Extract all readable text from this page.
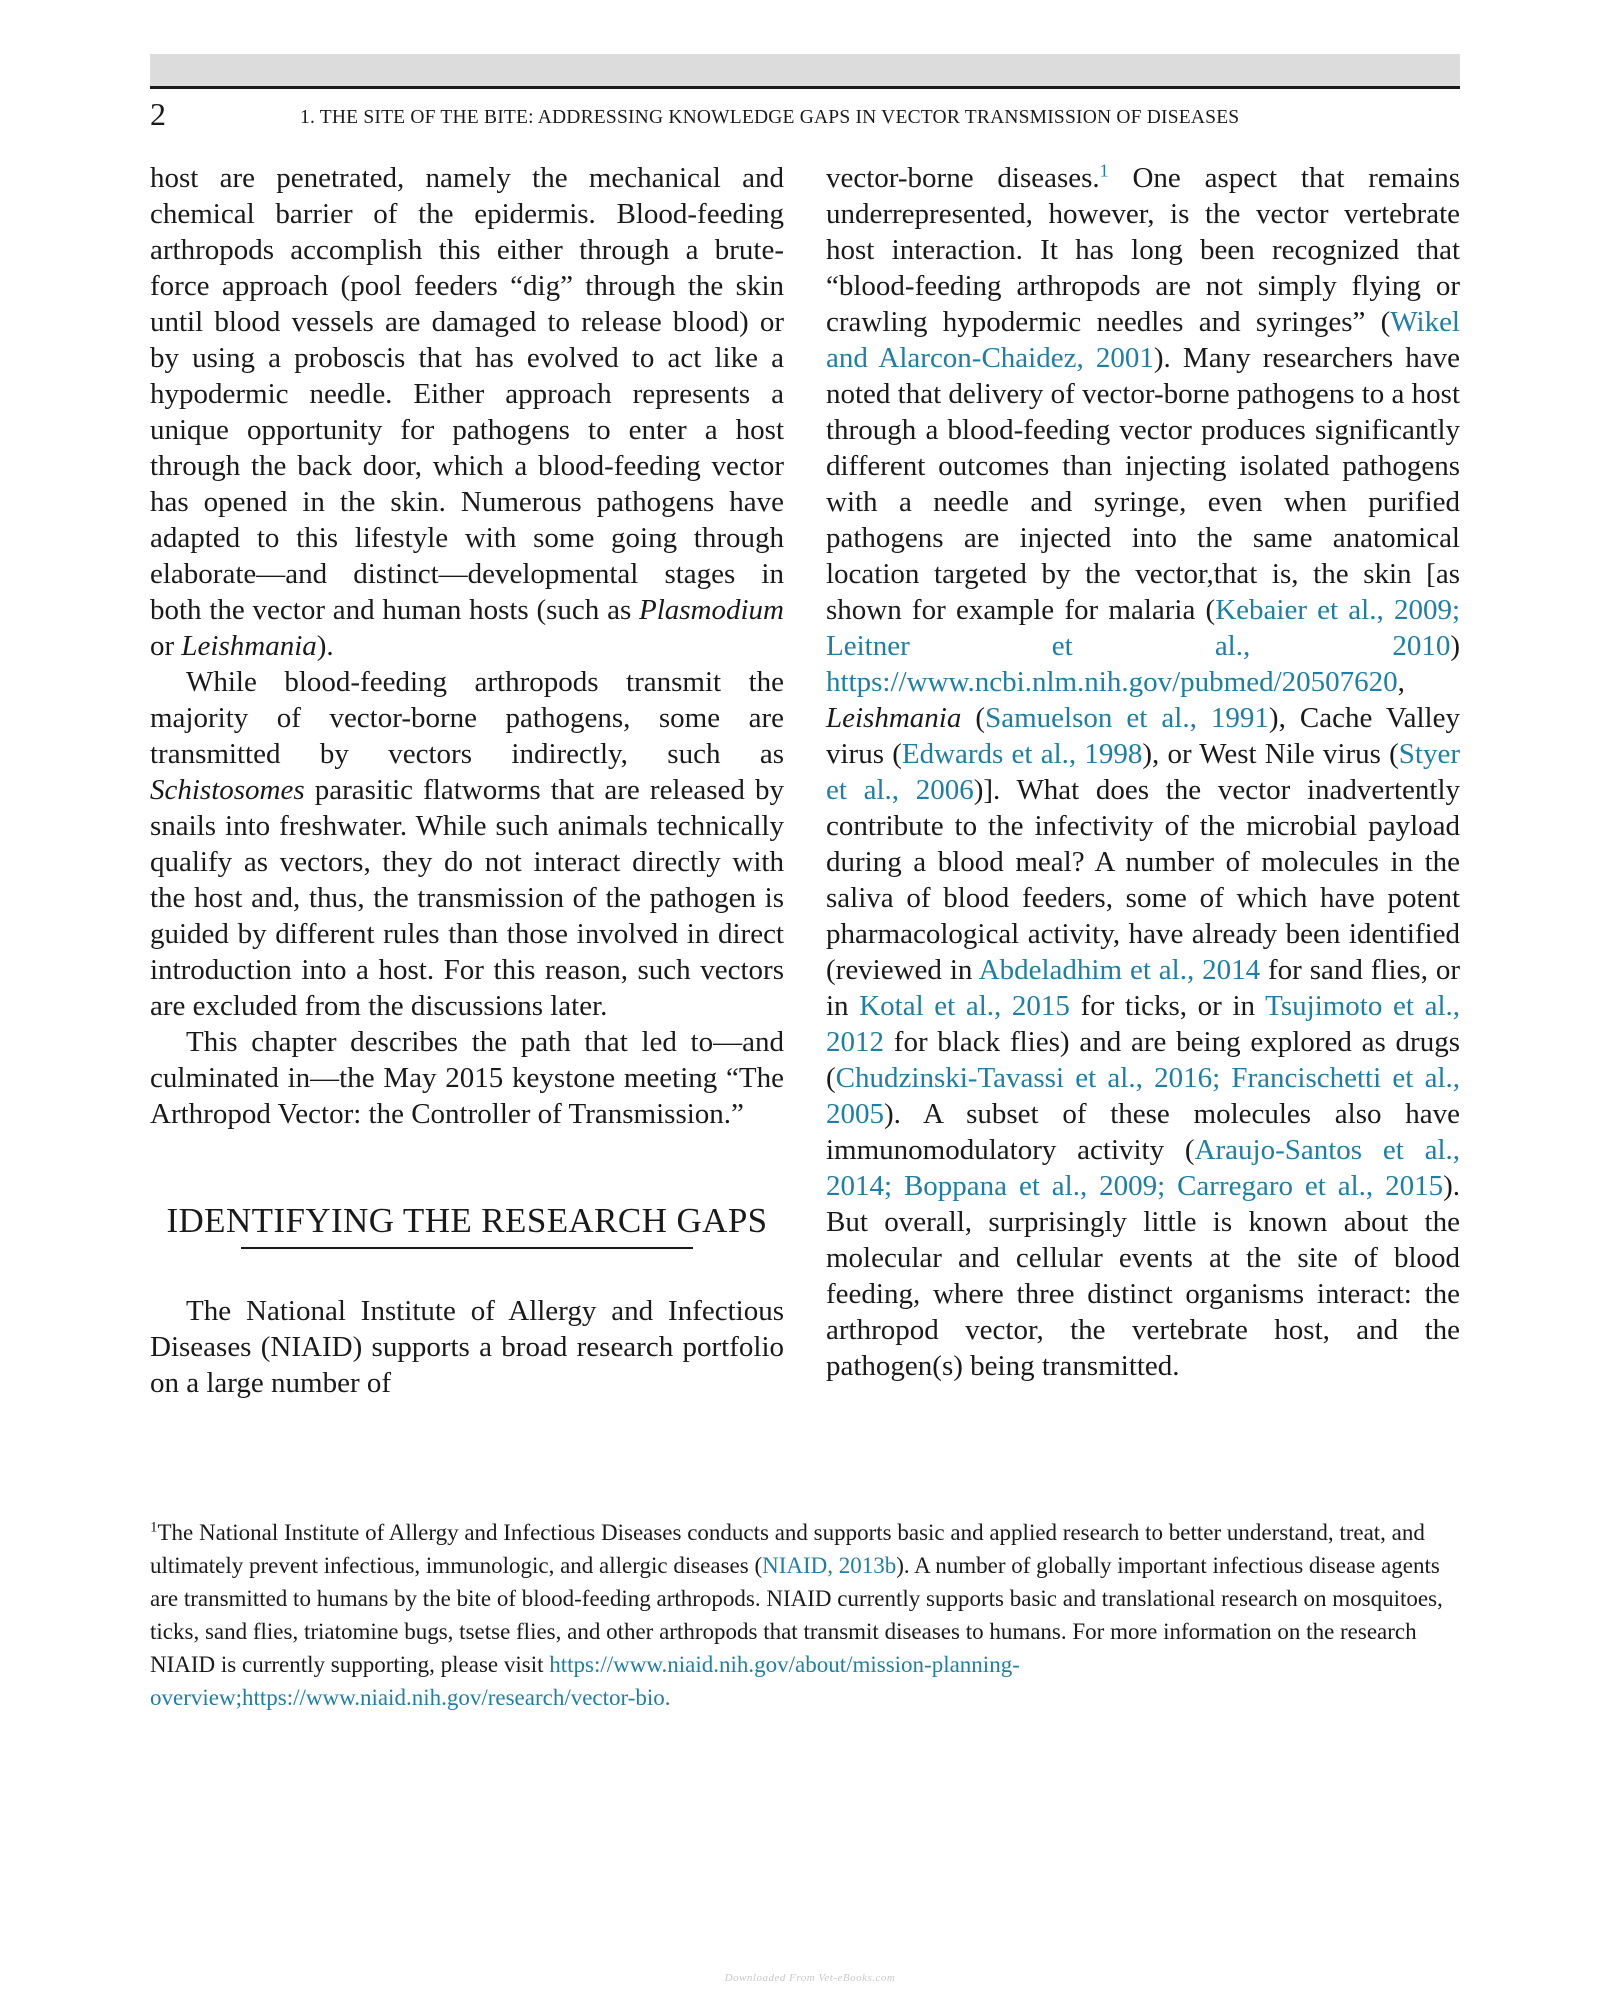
2	1. THE SITE OF THE BITE: ADDRESSING KNOWLEDGE GAPS IN VECTOR TRANSMISSION OF DISEASES

host are penetrated, namely the mechanical and chemical barrier of the epidermis. Blood-feeding arthropods accomplish this either through a brute-force approach (pool feeders “dig” through the skin until blood vessels are damaged to release blood) or by using a proboscis that has evolved to act like a hypodermic needle. Either approach represents a unique opportunity for pathogens to enter a host through the back door, which a blood-feeding vector has opened in the skin. Numerous pathogens have adapted to this lifestyle with some going through elaborate—and distinct—developmental stages in both the vector and human hosts (such as Plasmodium or Leishmania).

While blood-feeding arthropods transmit the majority of vector-borne pathogens, some are transmitted by vectors indirectly, such as Schistosomes parasitic flatworms that are released by snails into freshwater. While such animals technically qualify as vectors, they do not interact directly with the host and, thus, the transmission of the pathogen is guided by different rules than those involved in direct introduction into a host. For this reason, such vectors are excluded from the discussions later.

This chapter describes the path that led to—and culminated in—the May 2015 keystone meeting “The Arthropod Vector: the Controller of Transmission.”

IDENTIFYING THE RESEARCH GAPS

The National Institute of Allergy and Infectious Diseases (NIAID) supports a broad research portfolio on a large number of

vector-borne diseases.$^1$ One aspect that remains underrepresented, however, is the vector vertebrate host interaction. It has long been recognized that “blood-feeding arthropods are not simply flying or crawling hypodermic needles and syringes” (Wikel and Alarcon-Chaidez, 2001). Many researchers have noted that delivery of vector-borne pathogens to a host through a blood-feeding vector produces significantly different outcomes than injecting isolated pathogens with a needle and syringe, even when purified pathogens are injected into the same anatomical location targeted by the vector,that is, the skin [as shown for example for malaria (Kebaier et al., 2009; Leitner et al., 2010) https://www.ncbi.nlm.nih.gov/pubmed/20507620, Leishmania (Samuelson et al., 1991), Cache Valley virus (Edwards et al., 1998), or West Nile virus (Styer et al., 2006)]. What does the vector inadvertently contribute to the infectivity of the microbial payload during a blood meal? A number of molecules in the saliva of blood feeders, some of which have potent pharmacological activity, have already been identified (reviewed in Abdeladhim et al., 2014 for sand flies, or in Kotal et al., 2015 for ticks, or in Tsujimoto et al., 2012 for black flies) and are being explored as drugs (Chudzinski-Tavassi et al., 2016; Francischetti et al., 2005). A subset of these molecules also have immunomodulatory activity (Araujo-Santos et al., 2014; Boppana et al., 2009; Carregaro et al., 2015). But overall, surprisingly little is known about the molecular and cellular events at the site of blood feeding, where three distinct organisms interact: the arthropod vector, the vertebrate host, and the pathogen(s) being transmitted.

$^1$The National Institute of Allergy and Infectious Diseases conducts and supports basic and applied research to better understand, treat, and ultimately prevent infectious, immunologic, and allergic diseases (NIAID, 2013b). A number of globally important infectious disease agents are transmitted to humans by the bite of blood-feeding arthropods. NIAID currently supports basic and translational research on mosquitoes, ticks, sand flies, triatomine bugs, tsetse flies, and other arthropods that transmit diseases to humans. For more information on the research NIAID is currently supporting, please visit https://www.niaid.nih.gov/about/mission-planning-overview;https://www.niaid.nih.gov/research/vector-bio.

Downloaded From Vet-eBooks.com
